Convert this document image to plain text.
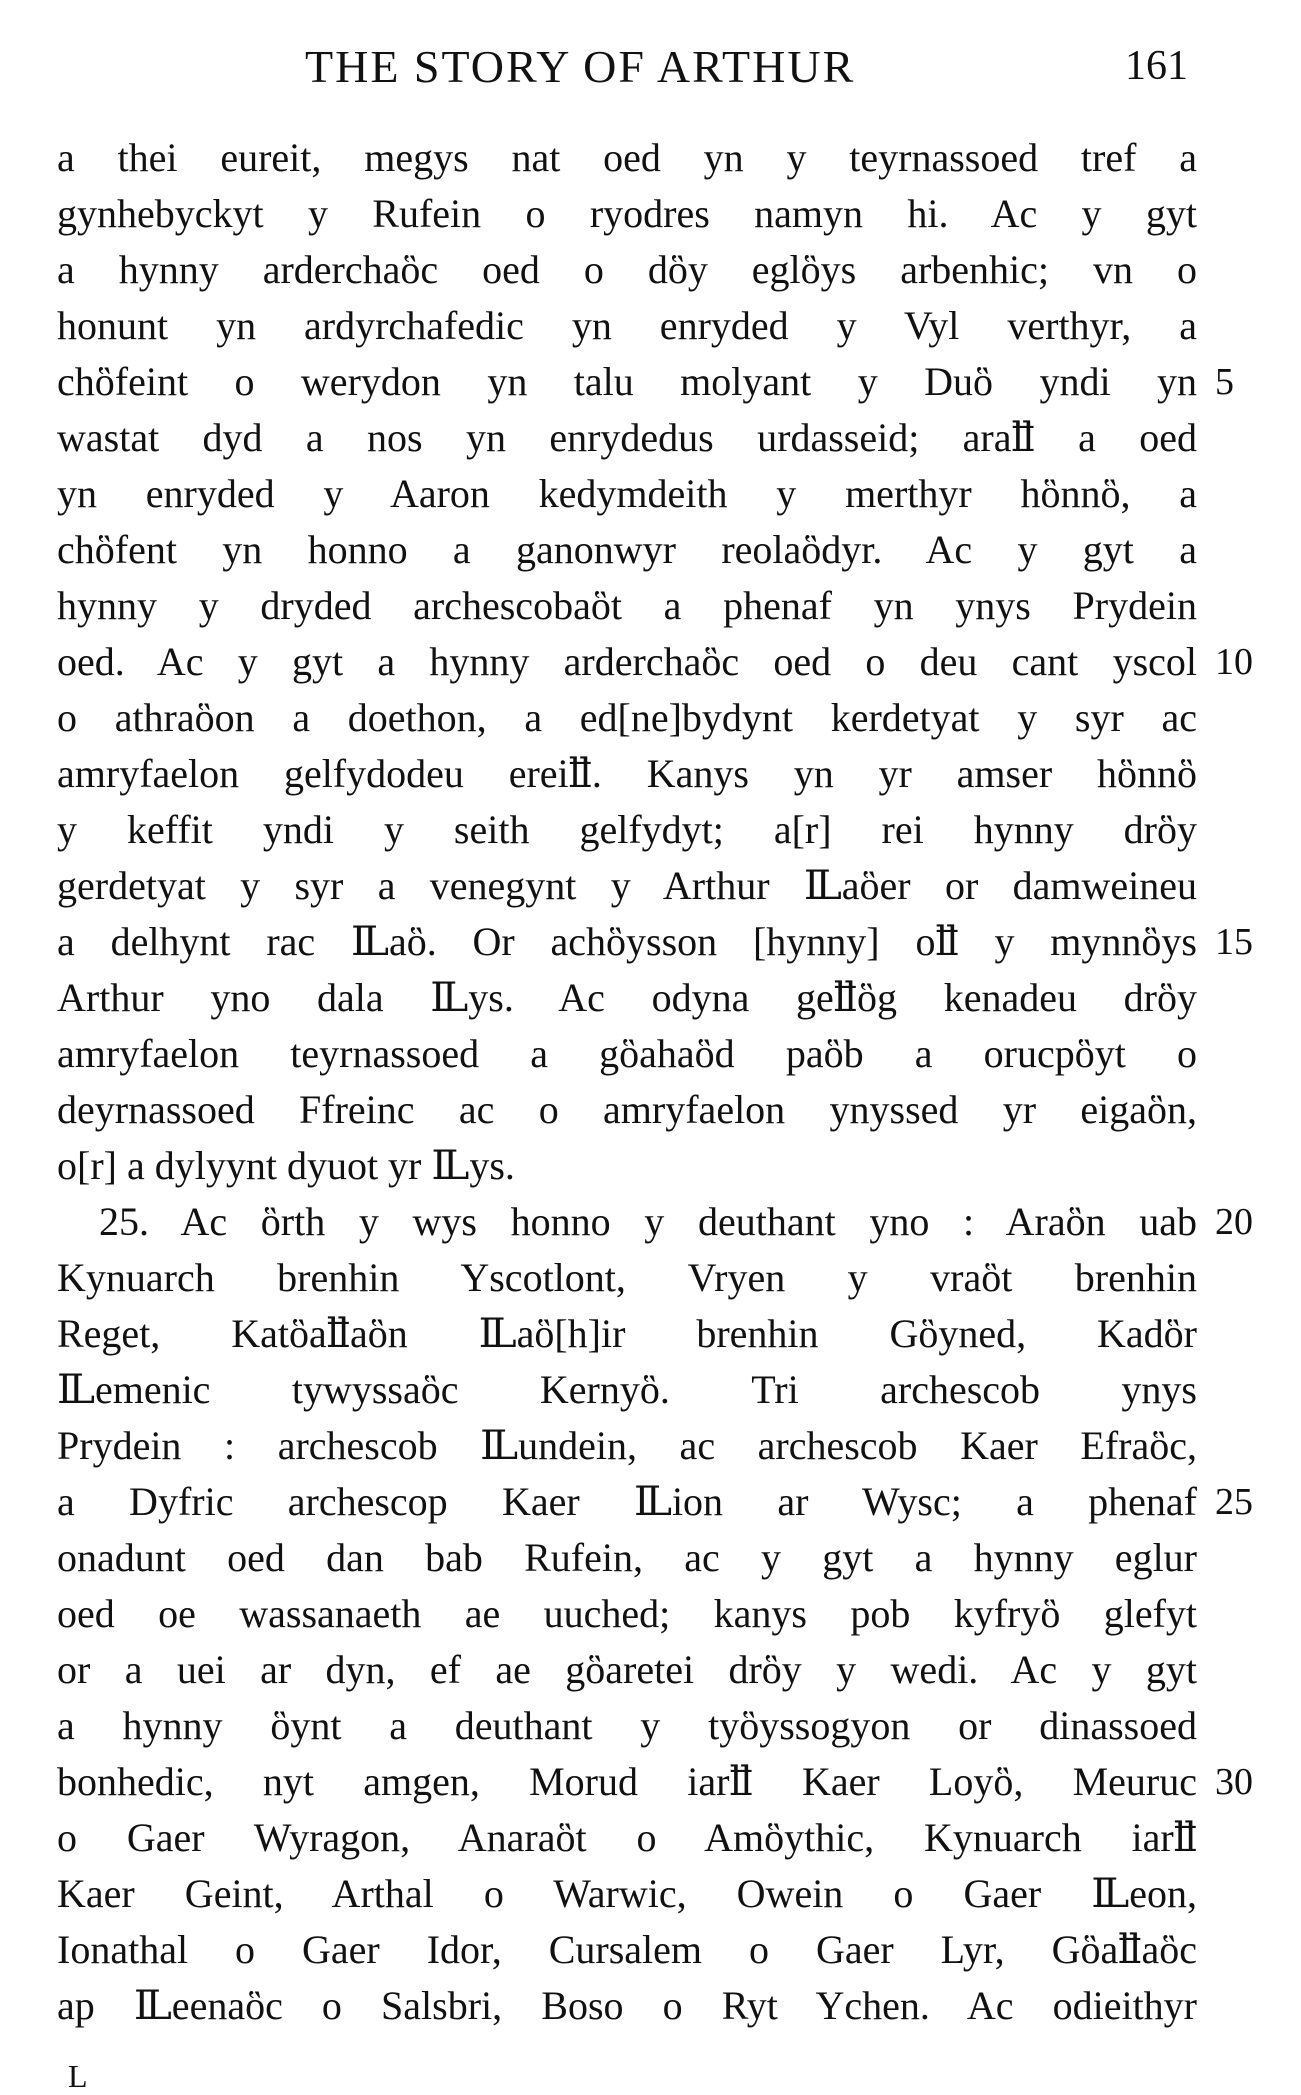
THE STORY OF ARTHUR	161
a thei eureit, megys nat oed yn y teyrnassoed tref a
gynhebyckyt y Rufein o ryodres namyn hi. Ac y gyt
a hynny arderchaὃc oed o dὃy eglὃys arbenhic; vn o
honunt yn ardyrchafedic yn enryded y Vyl verthyr, a
chὃfeint o werydon yn talu molyant y Duὃ yndi yn 5
wastat dyd a nos yn enrydedus urdasseid; araỻ a oed
yn enryded y Aaron kedymdeith y merthyr hὃnnὃ, a
chὃfent yn honno a ganonwyr reolaὃdyr. Ac y gyt a
hynny y dryded archescobaὃt a phenaf yn ynys Prydein
oed. Ac y gyt a hynny arderchaὃc oed o deu cant yscol 10
o athraὃon a doethon, a ed[ne]bydynt kerdetyat y syr ac
amryfaelon gelfydodeu ereiỻ. Kanys yn yr amser hὃnnὃ
y keffit yndi y seith gelfydyt; a[r] rei hynny drὃy
gerdetyat y syr a venegynt y Arthur Ỻaὃer or damweineu
a delhynt rac Ỻaὃ. Or achὃysson [hynny] oỻ y mynnὃys 15
Arthur yno dala Ỻys. Ac odyna geỻὃg kenadeu drὃy
amryfaelon teyrnassoed a gὃahaὃd paὃb a orucpὃyt o
deyrnassoed Ffreinc ac o amryfaelon ynyssed yr eigaὃn,
o[r] a dylyynt dyuot yr Ỻys.
25. Ac ὃrth y wys honno y deuthant yno : Araὃn uab 20
Kynuarch brenhin Yscotlont, Vryen y vraὃt brenhin
Reget, Katὃaỻaὃn Ỻaὃ[h]ir brenhin Gὃyned, Kadὃr
Ỻemenic tywyssaὃc Kernyὃ. Tri archescob ynys
Prydein : archescob Ỻundein, ac archescob Kaer Efraὃc,
a Dyfric archescop Kaer Ỻion ar Wysc; a phenaf 25
onadunt oed dan bab Rufein, ac y gyt a hynny eglur
oed oe wassanaeth ae uuched; kanys pob kyfryὃ glefyt
or a uei ar dyn, ef ae gὃaretei drὃy y wedi. Ac y gyt
a hynny ὃynt a deuthant y tyὃyssogyon or dinassoed
bonhedic, nyt amgen, Morud iarỻ Kaer Loyὃ, Meuruc 30
o Gaer Wyragon, Anaraὃt o Amὃythic, Kynuarch iarỻ
Kaer Geint, Arthal o Warwic, Owein o Gaer Ỻeon,
Ionathal o Gaer Idor, Cursalem o Gaer Lyr, Gὃaỻaὃc
ap Ỻeenaὃc o Salsbri, Boso o Ryt Ychen. Ac odieithyr
L
